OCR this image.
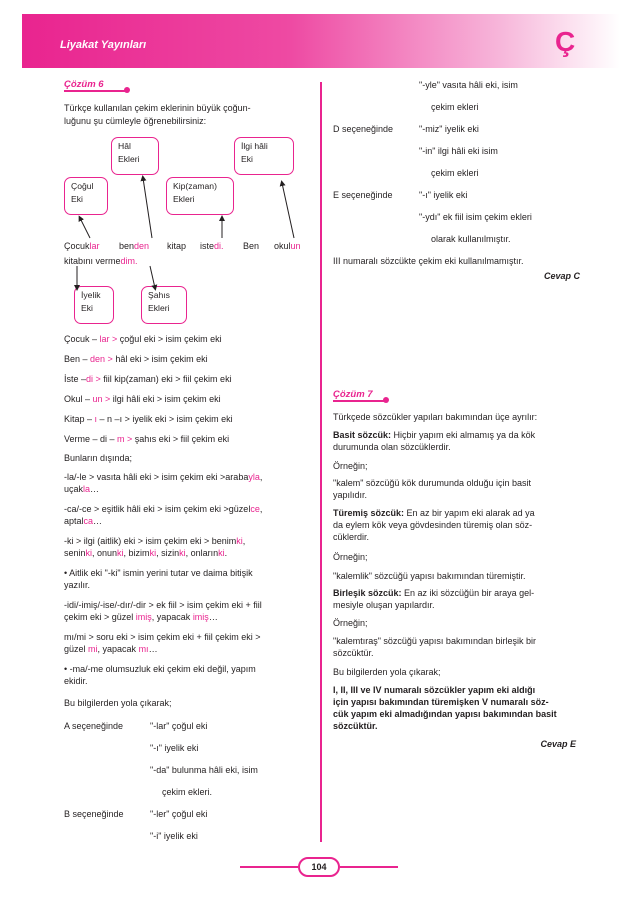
Liyakat Yayınları	Ç
Çözüm 6
Türkçe kullanılan çekim eklerinin büyük çoğun-
luğunu şu cümleyle öğrenebilirsiniz:
Hâl
Ekleri
İlgi hâli
Eki
Çoğul
Eki
Kip(zaman)
Ekleri
Çocuklar	benden kitap istedi. Ben okulun
kitabını vermedim.
İyelik
Eki
Şahıs
Ekleri
Çocuk – lar > çoğul eki > isim çekim eki
Ben – den > hâl eki > isim çekim eki
İste –di > fiil kip(zaman) eki > fiil çekim eki
Okul – un > ilgi hâli eki > isim çekim eki
Kitap – ı – n –ı > iyelik eki > isim çekim eki
Verme – di – m > şahıs eki > fiil çekim eki
Bunların dışında;
-la/-le > vasıta hâli eki > isim çekim eki >arabayla,
uçakla…
-ca/-ce > eşitlik hâli eki > isim çekim eki >güzelce,
aptalca…
-ki > ilgi (aitlik) eki > isim çekim eki > benimki,
seninki, onunki, bizimki, sizinki, onlarınki.
• Aitlik eki "-ki" ismin yerini tutar ve daima bitişik
yazılır.
-idi/-imiş/-ise/-dır/-dir > ek fiil > isim çekim eki + fiil
çekim eki > güzel imiş, yapacak imiş…
mı/mi > soru eki > isim çekim eki + fiil çekim eki >
güzel mi, yapacak mı…
• -ma/-me olumsuzluk eki çekim eki değil, yapım
ekidir.
Bu bilgilerden yola çıkarak;
A seçeneğinde	"-lar" çoğul eki
"-ı" iyelik eki
"-da" bulunma hâli eki, isim
çekim ekleri.
B seçeneğinde	"-ler" çoğul eki
"-i" iyelik eki
"-yle" vasıta hâli eki, isim
çekim ekleri
D seçeneğinde	"-miz" iyelik eki
"-in" ilgi hâli eki isim
çekim ekleri
E seçeneğinde	"-ı" iyelik eki
"-ydı" ek fiil isim çekim ekleri
olarak kullanılmıştır.
III numaralı sözcükte çekim eki kullanılmamıştır.
Cevap C
Çözüm 7
Türkçede sözcükler yapıları bakımından üçe ayrılır:
Basit sözcük: Hiçbir yapım eki almamış ya da kök
durumunda olan sözcüklerdir.
Örneğin;
"kalem" sözcüğü kök durumunda olduğu için basit
yapılıdır.
Türemiş sözcük: En az bir yapım eki alarak ad ya
da eylem kök veya gövdesinden türemiş olan söz-
cüklerdir.
Örneğin;
"kalemlik" sözcüğü yapısı bakımından türemiştir.
Birleşik sözcük: En az iki sözcüğün bir araya gel-
mesiyle oluşan yapılardır.
Örneğin;
"kalemtıraş" sözcüğü yapısı bakımından birleşik bir
sözcüktür.
Bu bilgilerden yola çıkarak;
I, II, III ve IV numaralı sözcükler yapım eki aldığı
için yapısı bakımından türemişken V numaralı söz-
cük yapım eki almadığından yapısı bakımından basit
sözcüktür.
Cevap E
104
